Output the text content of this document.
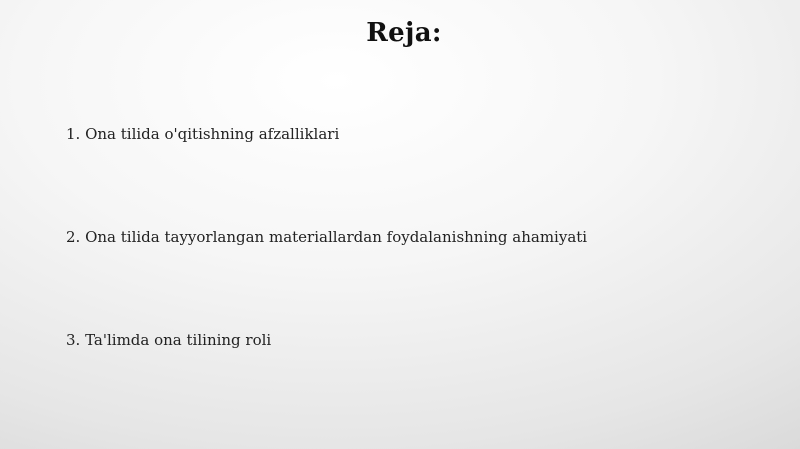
Reja:
1. Ona tilida o'qitishning afzalliklari
2. Ona tilida tayyorlangan materiallardan foydalanishning ahamiyati
3. Ta'limda ona tilining roli
